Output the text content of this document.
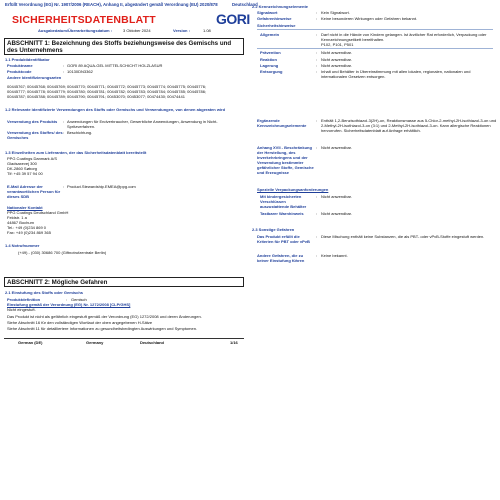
Erfüllt Verordnung (EG) Nr. 1907/2006 (REACH), Anhang II, abgeändert gemäß Verordnung (EU) 2020/878	Deutschland
SICHERHEITSDATENBLATT	GORI
Ausgabedatum/Überarbeitungsdatum :	3 Oktober 2024	Version :	1.08
ABSCHNITT 1: Bezeichnung des Stoffs beziehungsweise des Gemischs und des Unternehmens
1.1 Produktidentifikator
Produktname	: GORI 89 AQUA-GEL MITTELSCHICHT HOLZLASUR
Produktcode	: 10130DN3362
Andere Identifizierungsarten
00445767; 00445768; 00445769; 00445770; 00445771; 00445772; 00445773; 00445774; 00445775; 00445776;
00445777; 00445778; 00445779; 00445780; 00445781; 00445782; 00445783; 00445784; 00445785; 00445786;
00445787; 00445788; 00445789; 00445790; 00445791; 00453070; 00453077; 00474430; 00474441
1.2 Relevante identifizierte Verwendungen des Stoffs oder Gemischs und Verwendungen, von denen abgeraten wird
Verwendung des Produkts	: Anwendungen für Endverbraucher, Gewerbliche Anwendungen, Anwendung in Nicht-Spritzverfahren.
Verwendung des Stoffes/ des Gemisches
: Beschichtung.
1.3 Einzelheiten zum Lieferanten, der das Sicherheitsdatenblatt bereitstellt
PPG Coatings Danmark A/S
Gladsaxevej 300
DK-2860 Søborg
Tlf: +45 39 57 94 00
E-Mail Adresse der verantwortlichen Person für dieses SDB
: Product.Stewardship.EMEA@ppg.com
Nationaler Kontakt
PPG Coatings Deutschland GmbH
Feldstr. 1 a
44867 Bochum
Tel.: +49 (0)234 869 0
Fax: +49 (0)234 869 365
1.4 Notrufnummer
(+49) - (030) 30686 700 (Giftnotrufzentrale Berlin)
2.2 Kennzeichnungselemente
Signalwort	: Kein Signalwort.
Gefahrenhinweise	: Keine besonderen Wirkungen oder Gefahren bekannt.
Sicherheitshinweise
Allgemein	: Darf nicht in die Hände von Kindern gelangen. Ist ärztlicher Rat erforderlich, Verpackung oder Kennzeichnungsetikett bereithalten.
P102, P101, P501
Prävention	: Nicht anwendbar.
Reaktion	: Nicht anwendbar.
Lagerung	: Nicht anwendbar.
Entsorgung	: Inhalt und Behälter in Übereinstimmung mit allen lokalen, regionalen, nationalen und internationalen Gesetzen entsorgen.
Ergänzende Kennzeichnungselemente
: Enthält 1,2-Benzisothiazol-3(2H)-on, Reaktionsmasse aus 5-Chlor-2-methyl-2H-isothiazol-3-on und 2-Methyl-2H-isothiazol-3-on (3:1) und 2-Methyl-2H-isothiazol-3-on. Kann allergische Reaktionen hervorrufen. Sicherheitsdatenblatt auf Anfrage erhältlich.
Anhang XVII - Beschränkung der Herstellung, des Inverkehrbringens und der Verwendung bestimmter gefährlicher Stoffe, Gemische und Erzeugnisse
: Nicht anwendbar.
Spezielle Verpackungsanforderungen
Mit kindergesicherten Verschlüssen auszustattende Behälter
: Nicht anwendbar.
Tastbarer Warnhinweis	: Nicht anwendbar.
2.3 Sonstige Gefahren
Das Produkt erfüllt die Kriterien für PBT oder vPvB
: Diese Mischung enthält keine Substanzen, die als PBT- oder vPvB-Stoffe eingestuft werden.
Andere Gefahren, die zu keiner Einstufung führen
: Keine bekannt.
ABSCHNITT 2: Mögliche Gefahren
2.1 Einstufung des Stoffs oder Gemischs
Produktdefinition	: Gemisch
Einstufung gemäß der Verordnung (EG) Nr. 1272/2008 [CLP/GHS]
Nicht eingestuft.
Das Produkt ist nicht als gefährlich eingestuft gemäß der Verordnung (EG) 1272/2008 und deren Änderungen.
Siehe Abschnitt 16 für den vollständigen Wortlaut der oben angegebenen H-Sätze
Siehe Abschnitt 11 für detailliertere Informationen zu gesundheitsbedingten Auswirkungen und Symptomen.
German (DE)	Germany	Deutschland	1/16
